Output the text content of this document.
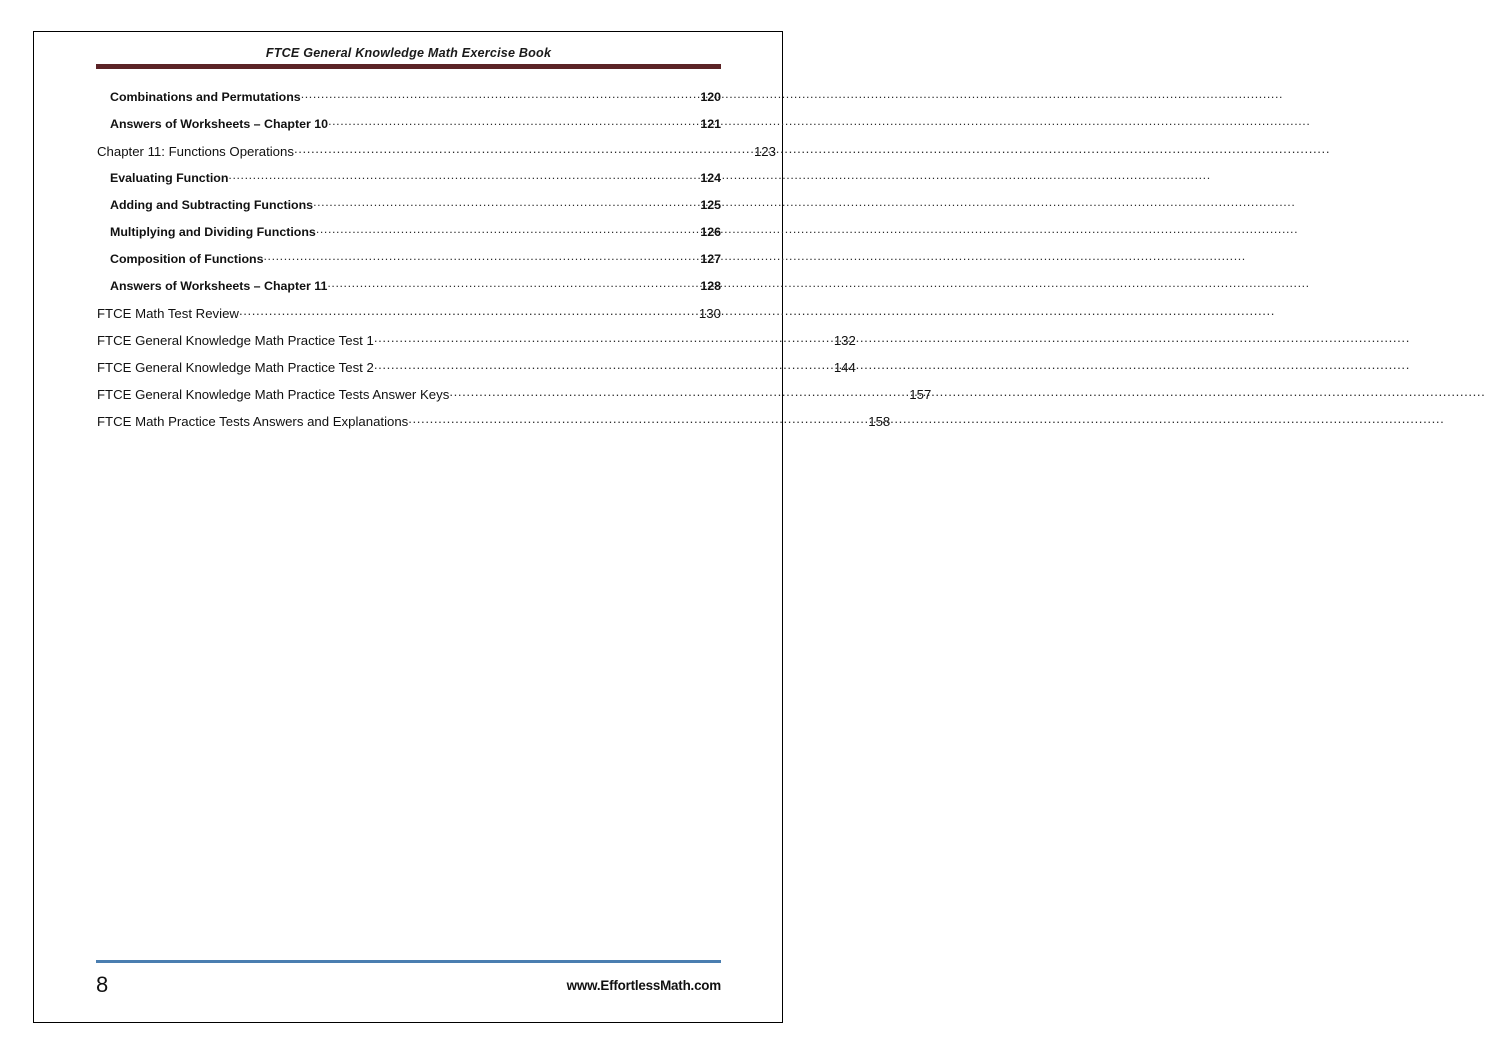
FTCE General Knowledge Math Exercise Book
Combinations and Permutations .....	120
Answers of Worksheets – Chapter 10 .....	121
Chapter 11: Functions Operations .....	123
Evaluating Function .....	124
Adding and Subtracting Functions .....	125
Multiplying and Dividing Functions .....	126
Composition of Functions .....	127
Answers of Worksheets – Chapter 11 .....	128
FTCE Math Test Review .....	130
FTCE General Knowledge Math Practice Test 1 .....	132
FTCE General Knowledge Math Practice Test 2 .....	144
FTCE General Knowledge Math Practice Tests Answer Keys .....	157
FTCE Math Practice Tests Answers and Explanations .....	158
8	www.EffortlessMath.com
